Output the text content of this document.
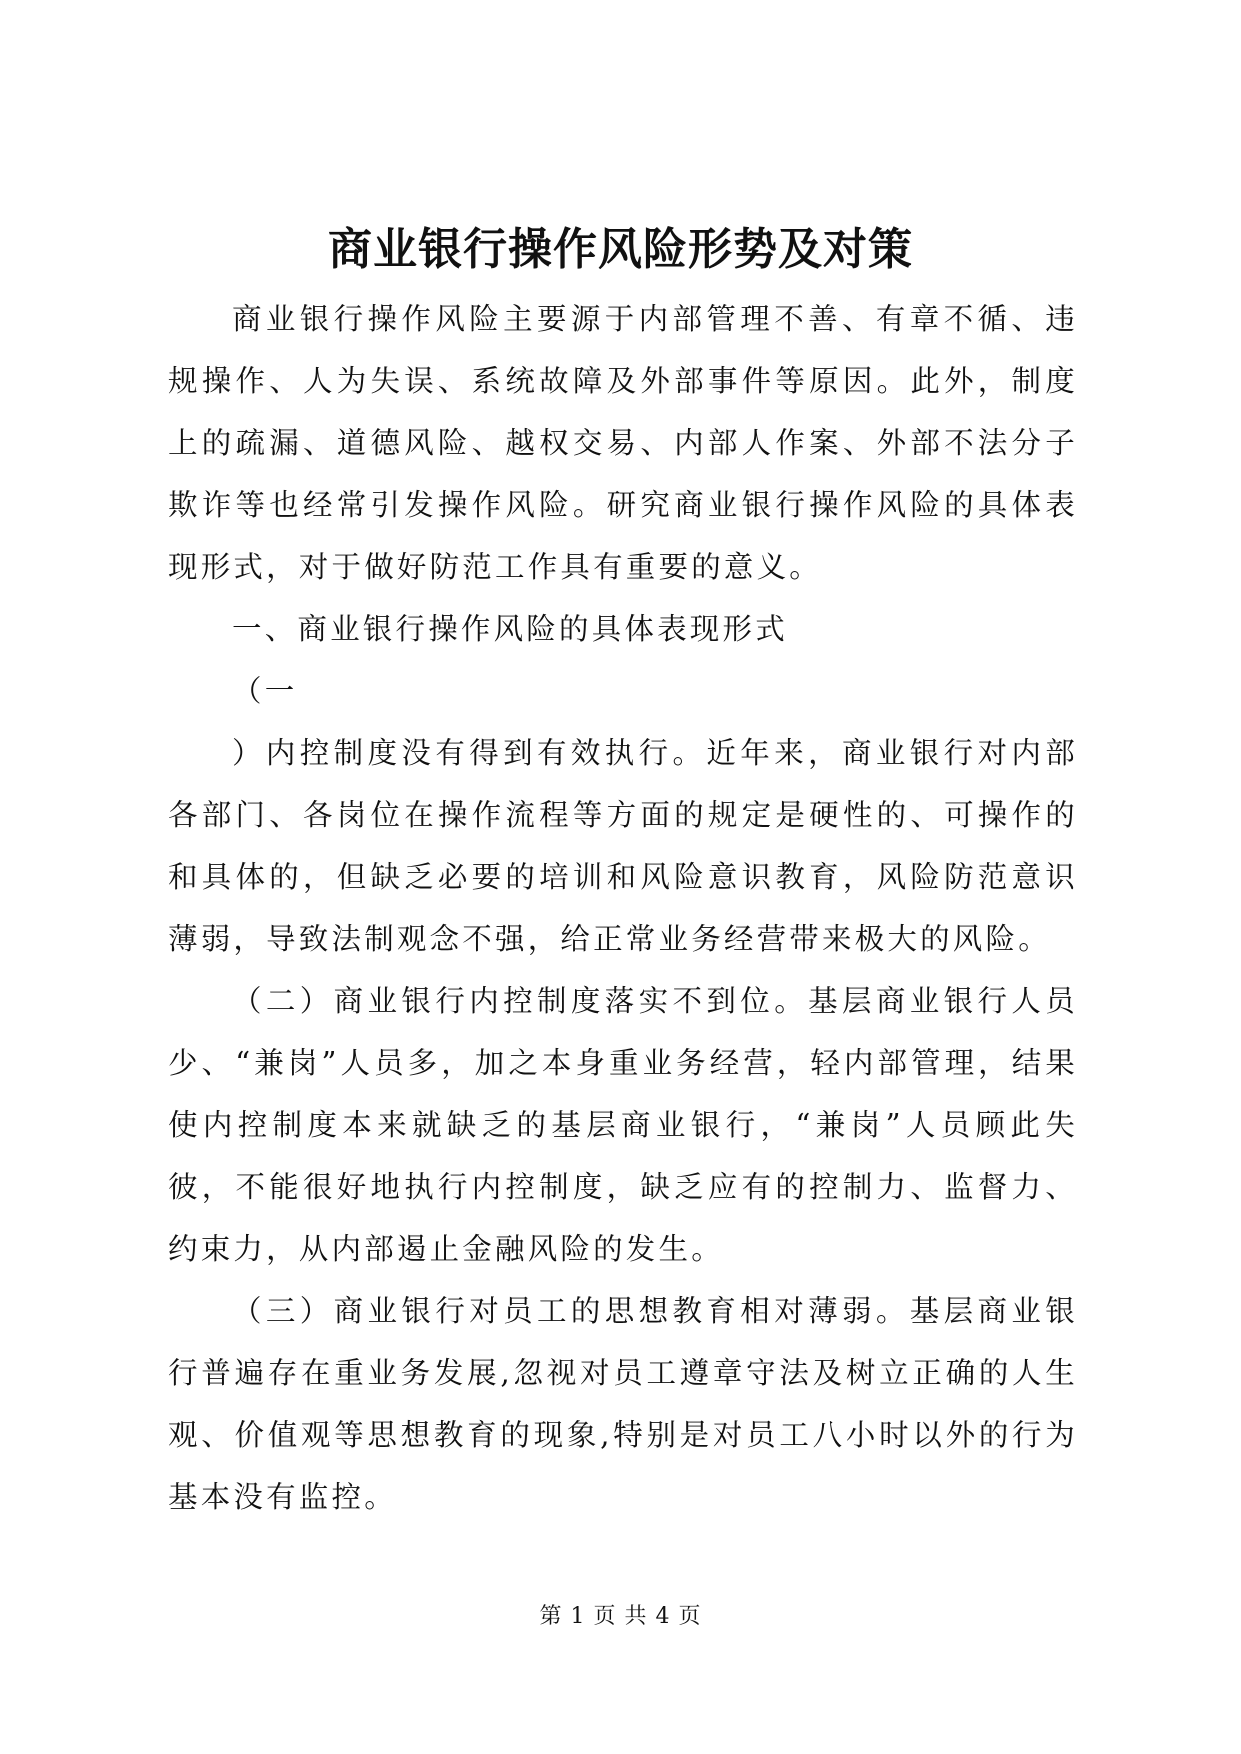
商业银行操作风险形势及对策

商业银行操作风险主要源于内部管理不善、有章不循、违规操作、人为失误、系统故障及外部事件等原因。此外，制度上的疏漏、道德风险、越权交易、内部人作案、外部不法分子欺诈等也经常引发操作风险。研究商业银行操作风险的具体表现形式，对于做好防范工作具有重要的意义。

一、商业银行操作风险的具体表现形式

（一

）内控制度没有得到有效执行。近年来，商业银行对内部各部门、各岗位在操作流程等方面的规定是硬性的、可操作的和具体的，但缺乏必要的培训和风险意识教育，风险防范意识薄弱，导致法制观念不强，给正常业务经营带来极大的风险。

（二）商业银行内控制度落实不到位。基层商业银行人员少、“兼岗”人员多，加之本身重业务经营，轻内部管理，结果使内控制度本来就缺乏的基层商业银行，“兼岗”人员顾此失彼，不能很好地执行内控制度，缺乏应有的控制力、监督力、约束力，从内部遏止金融风险的发生。

（三）商业银行对员工的思想教育相对薄弱。基层商业银行普遍存在重业务发展,忽视对员工遵章守法及树立正确的人生观、价值观等思想教育的现象,特别是对员工八小时以外的行为基本没有监控。

第 1 页 共 4 页
